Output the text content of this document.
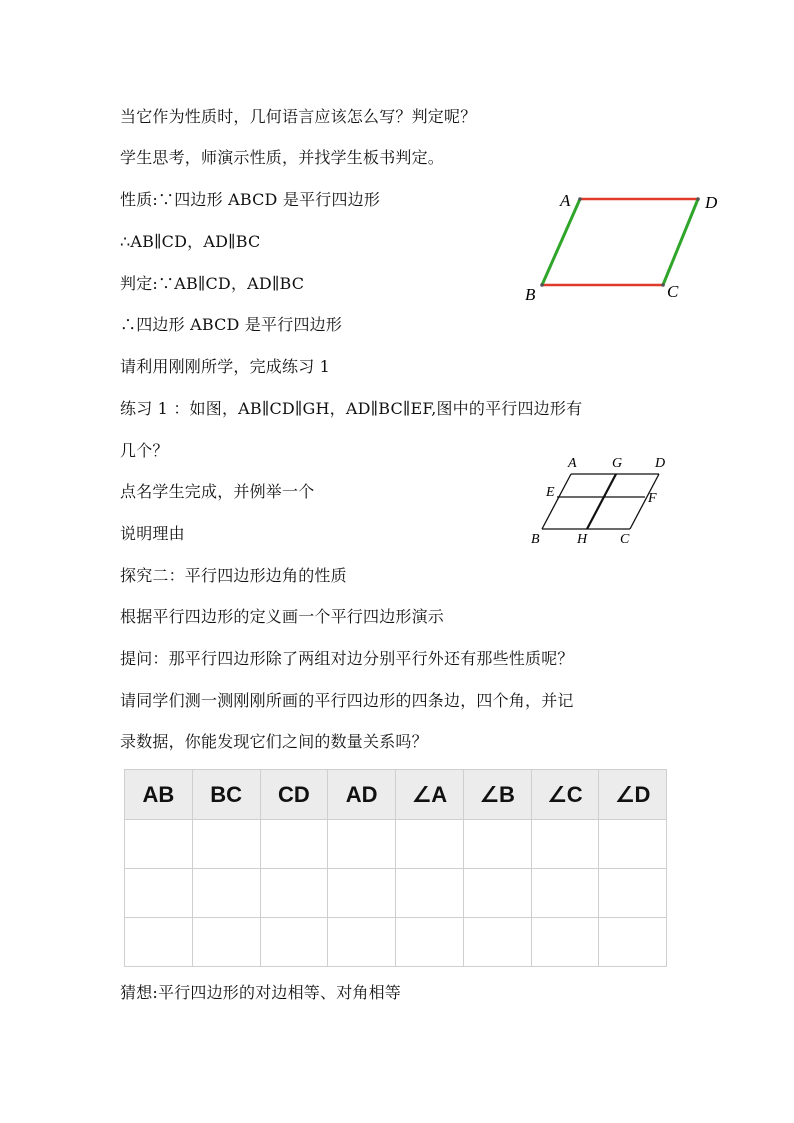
当它作为性质时，几何语言应该怎么写？判定呢？
学生思考，师演示性质，并找学生板书判定。
性质:∵四边形 ABCD 是平行四边形
∴AB∥CD，AD∥BC
判定:∵AB∥CD，AD∥BC
∴四边形 ABCD 是平行四边形
请利用刚刚所学，完成练习 1
练习 1 ：如图，AB∥CD∥GH，AD∥BC∥EF,图中的平行四边形有
几个？
点名学生完成，并例举一个
说明理由
探究二：平行四边形边角的性质
根据平行四边形的定义画一个平行四边形演示
提问：那平行四边形除了两组对边分别平行外还有那些性质呢？
请同学们测一测刚刚所画的平行四边形的四条边，四个角，并记
录数据，你能发现它们之间的数量关系吗？
猜想:平行四边形的对边相等、对角相等
A	D
B	C
A	G D
E	F
B	H C
AB	BC	CD	AD	∠A	∠B	∠C	∠D
